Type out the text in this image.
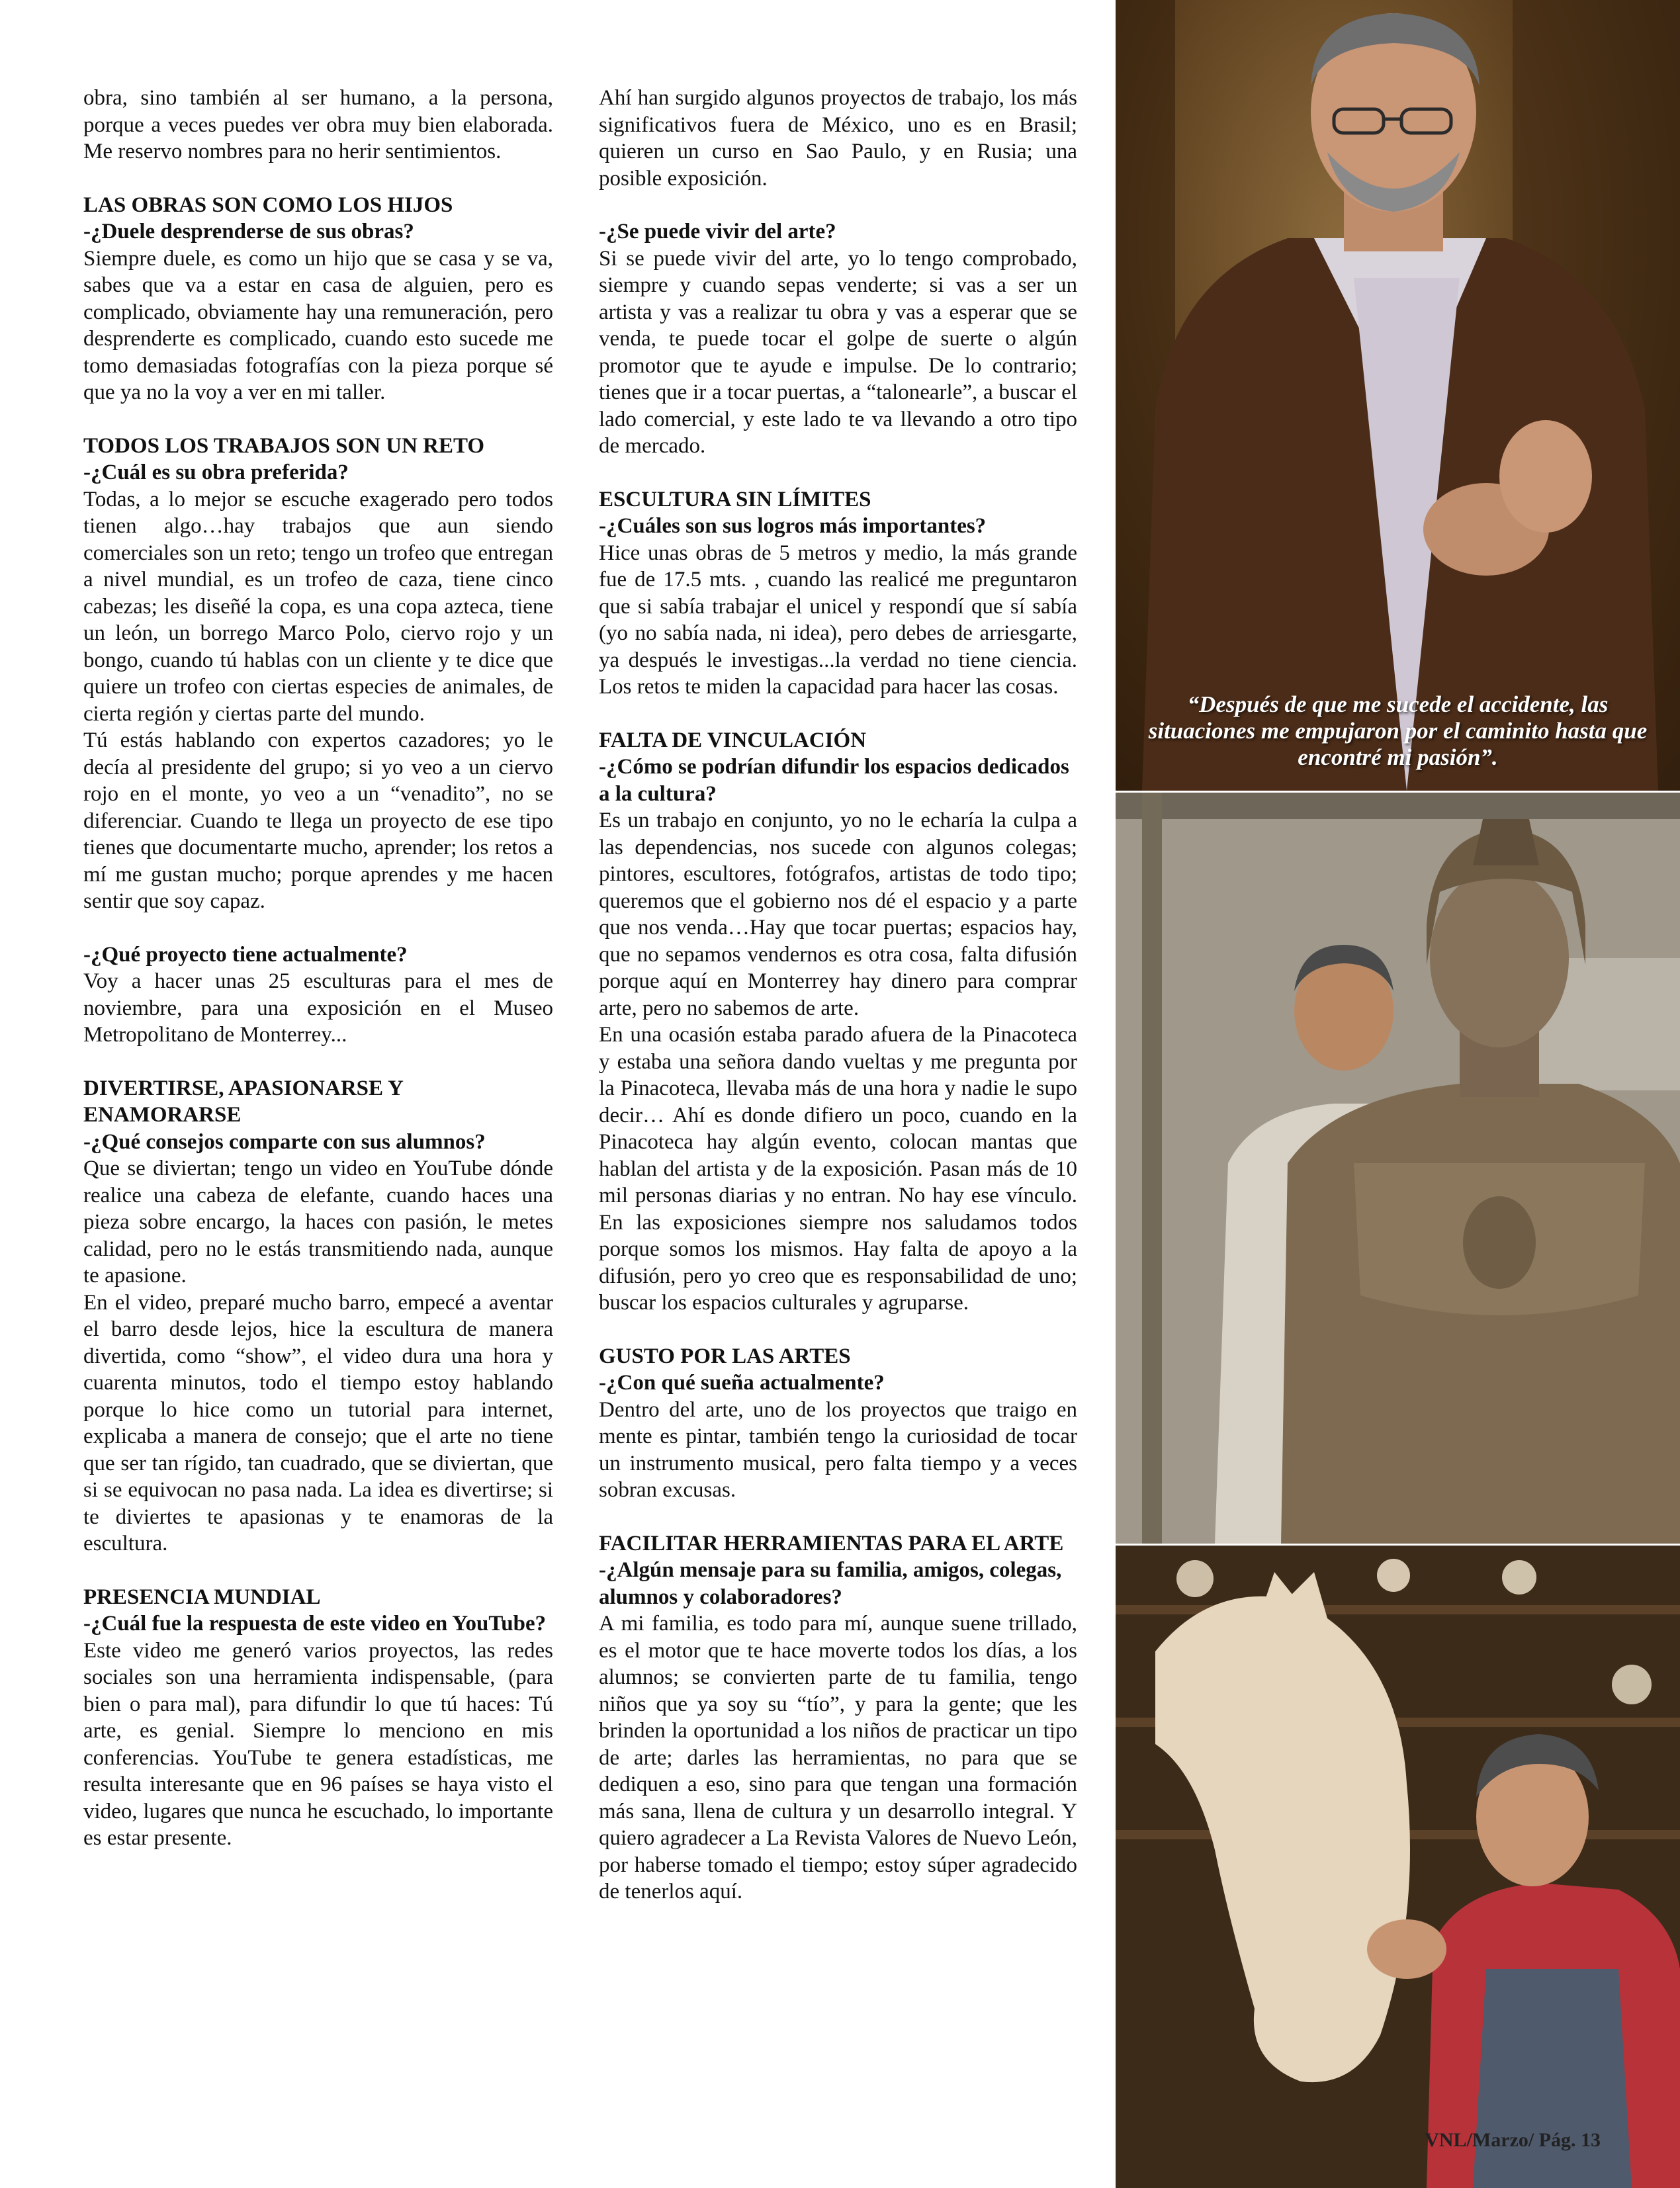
obra, sino también al ser humano, a la persona, porque a veces puedes ver obra muy bien elaborada. Me reservo nombres para no herir sentimientos.

LAS OBRAS SON COMO LOS HIJOS

-¿Duele desprenderse de sus obras?

Siempre duele, es como un hijo que se casa y se va, sabes que va a estar en casa de alguien, pero es complicado, obviamente hay una remuneración, pero desprenderte es complicado, cuando esto sucede me tomo demasiadas fotografías con la pieza porque sé que ya no la voy a ver en mi taller.

TODOS LOS TRABAJOS SON UN RETO

-¿Cuál es su obra preferida?

Todas, a lo mejor se escuche exagerado pero todos tienen algo…hay trabajos que aun siendo comerciales son un reto; tengo un trofeo que entregan a nivel mundial, es un trofeo de caza, tiene cinco cabezas; les diseñé la copa, es una copa azteca, tiene un león, un borrego Marco Polo, ciervo rojo y un bongo, cuando tú hablas con un cliente y te dice que quiere un trofeo con ciertas especies de animales, de cierta región y ciertas parte del mundo.

Tú estás hablando con expertos cazadores; yo le decía al presidente del grupo; si yo veo a un ciervo rojo en el monte, yo veo a un “venadito”, no se diferenciar. Cuando te llega un proyecto de ese tipo tienes que documentarte mucho, aprender; los retos a mí me gustan mucho; porque aprendes y me hacen sentir que soy capaz.

-¿Qué proyecto tiene actualmente?

Voy a hacer unas 25 esculturas para el mes de noviembre, para una exposición en el Museo Metropolitano de Monterrey...

DIVERTIRSE, APASIONARSE Y ENAMORARSE

-¿Qué consejos comparte con sus alumnos?

Que se diviertan; tengo un video en YouTube dónde realice una cabeza de elefante, cuando haces una pieza sobre encargo, la haces con pasión, le metes calidad, pero no le estás transmitiendo nada, aunque te apasione.

En el video, preparé mucho barro, empecé a aventar el barro desde lejos, hice la escultura de manera divertida, como “show”, el video dura una hora y cuarenta minutos, todo el tiempo estoy hablando porque lo hice como un tutorial para internet, explicaba a manera de consejo; que el arte no tiene que ser tan rígido, tan cuadrado, que se diviertan, que si se equivocan no pasa nada. La idea es divertirse; si te diviertes te apasionas y te enamoras de la escultura.

PRESENCIA MUNDIAL

-¿Cuál fue la respuesta de este video en YouTube?

Este video me generó varios proyectos, las redes sociales son una herramienta indispensable, (para bien o para mal), para difundir lo que tú haces: Tú arte, es genial. Siempre lo menciono en mis conferencias. YouTube te genera estadísticas, me resulta interesante que en 96 países se haya visto el video, lugares que nunca he escuchado, lo importante es estar presente.

Ahí han surgido algunos proyectos de trabajo, los más significativos fuera de México, uno es en Brasil; quieren un curso en Sao Paulo, y en Rusia; una posible exposición.

-¿Se puede vivir del arte?

Si se puede vivir del arte, yo lo tengo comprobado, siempre y cuando sepas venderte; si vas a ser un artista y vas a realizar tu obra y vas a esperar que se venda, te puede tocar el golpe de suerte o algún promotor que te ayude e impulse. De lo contrario; tienes que ir a tocar puertas, a “talonearle”, a buscar el lado comercial, y este lado te va llevando a otro tipo de mercado.

ESCULTURA SIN LÍMITES

-¿Cuáles son sus logros más importantes?

Hice unas obras de 5 metros y medio, la más grande fue de 17.5 mts. , cuando las realicé me preguntaron que si sabía trabajar el unicel y respondí que sí sabía (yo no sabía nada, ni idea), pero debes de arriesgarte, ya después le investigas...la verdad no tiene ciencia. Los retos te miden la capacidad para hacer las cosas.

FALTA DE VINCULACIÓN

-¿Cómo se podrían difundir los espacios dedicados a la cultura?

Es un trabajo en conjunto, yo no le echaría la culpa a las dependencias, nos sucede con algunos colegas; pintores, escultores, fotógrafos, artistas de todo tipo; queremos que el gobierno nos dé el espacio y a parte que nos venda…Hay que tocar puertas; espacios hay, que no sepamos vendernos es otra cosa, falta difusión porque aquí en Monterrey hay dinero para comprar arte, pero no sabemos de arte.

En una ocasión estaba parado afuera de la Pinacoteca y estaba una señora dando vueltas y me pregunta por la Pinacoteca, llevaba más de una hora y nadie le supo decir… Ahí es donde difiero un poco, cuando en la Pinacoteca hay algún evento, colocan mantas que hablan del artista y de la exposición. Pasan más de 10 mil personas diarias y no entran. No hay ese vínculo. En las exposiciones siempre nos saludamos todos porque somos los mismos. Hay falta de apoyo a la difusión, pero yo creo que es responsabilidad de uno; buscar los espacios culturales y agruparse.

GUSTO POR LAS ARTES

-¿Con qué sueña actualmente?

Dentro del arte, uno de los proyectos que traigo en mente es pintar, también tengo la curiosidad de tocar un instrumento musical, pero falta tiempo y a veces sobran excusas.

FACILITAR HERRAMIENTAS PARA EL ARTE

-¿Algún mensaje para su familia, amigos, colegas, alumnos y colaboradores?

A mi familia, es todo para mí, aunque suene trillado, es el motor que te hace moverte todos los días, a los alumnos; se convierten parte de tu familia, tengo niños que ya soy su “tío”, y para la gente; que les brinden la oportunidad a los niños de practicar un tipo de arte; darles las herramientas, no para que se dediquen a eso, sino para que tengan una formación más sana, llena de cultura y un desarrollo integral. Y quiero agradecer a La Revista Valores de Nuevo León, por haberse tomado el tiempo; estoy súper agradecido de tenerlos aquí.

“Después de que me sucede el accidente, las situaciones me empujaron por el caminito hasta que encontré mi pasión”.
VNL/Marzo/ Pág. 13
